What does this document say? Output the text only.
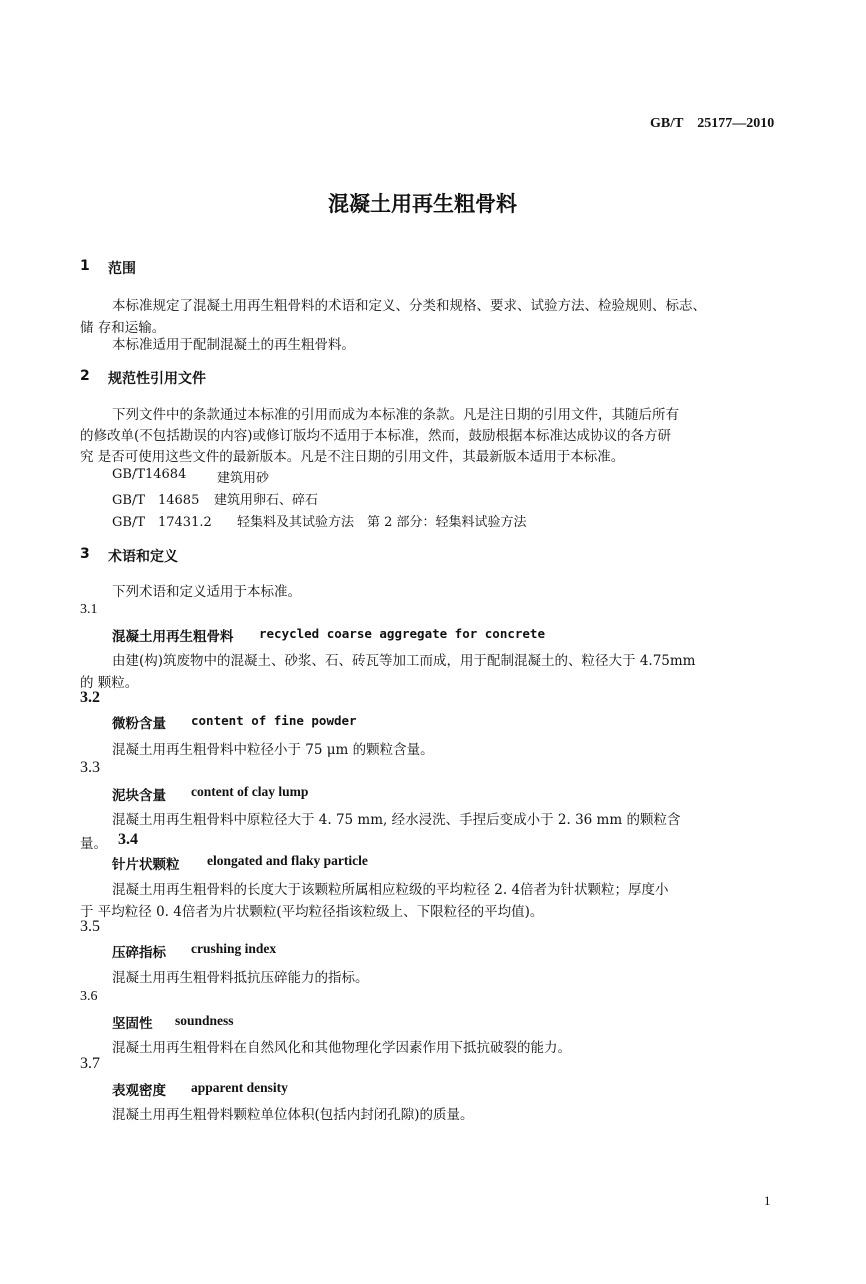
GB/T　25177—2010
混凝土用再生粗骨料
1 范围
本标准规定了混凝土用再生粗骨料的术语和定义、分类和规格、要求、试验方法、检验规则、标志、
储 存和运输。
本标准适用于配制混凝土的再生粗骨料。
2 规范性引用文件
下列文件中的条款通过本标准的引用而成为本标准的条款。凡是注日期的引用文件，其随后所有
的修改单(不包括勘误的内容)或修订版均不适用于本标准，然而，鼓励根据本标准达成协议的各方研
究 是否可使用这些文件的最新版本。凡是不注日期的引用文件，其最新版本适用于本标准。
GB/T14684 建筑用砂
GB/T　14685 建筑用卵石、碎石
GB/T　17431.2 轻集料及其试验方法　第 2 部分：轻集料试验方法
3 术语和定义
下列术语和定义适用于本标准。
3.1
混凝土用再生粗骨料 recycled coarse aggregate for concrete
由建(构)筑废物中的混凝土、砂浆、石、砖瓦等加工而成，用于配制混凝土的、粒径大于 4.75mm
的 颗粒。
3.2
微粉含量 content of fine powder
混凝土用再生粗骨料中粒径小于 75 μm 的颗粒含量。
3.3
泥块含量 content of clay lump
混凝土用再生粗骨料中原粒径大于 4. 75 mm, 经水浸洗、手捏后变成小于 2. 36 mm 的颗粒含
量。 3.4
针片状颗粒 elongated and flaky particle
混凝土用再生粗骨料的长度大于该颗粒所属相应粒级的平均粒径 2. 4倍者为针状颗粒；厚度小
于 平均粒径 0. 4倍者为片状颗粒(平均粒径指该粒级上、下限粒径的平均值)。
3.5
压碎指标 crushing index
混凝土用再生粗骨料抵抗压碎能力的指标。
3.6
坚固性 soundness
混凝土用再生粗骨料在自然风化和其他物理化学因素作用下抵抗破裂的能力。
3.7
表观密度 apparent density
混凝土用再生粗骨料颗粒单位体积(包括内封闭孔隙)的质量。
1
